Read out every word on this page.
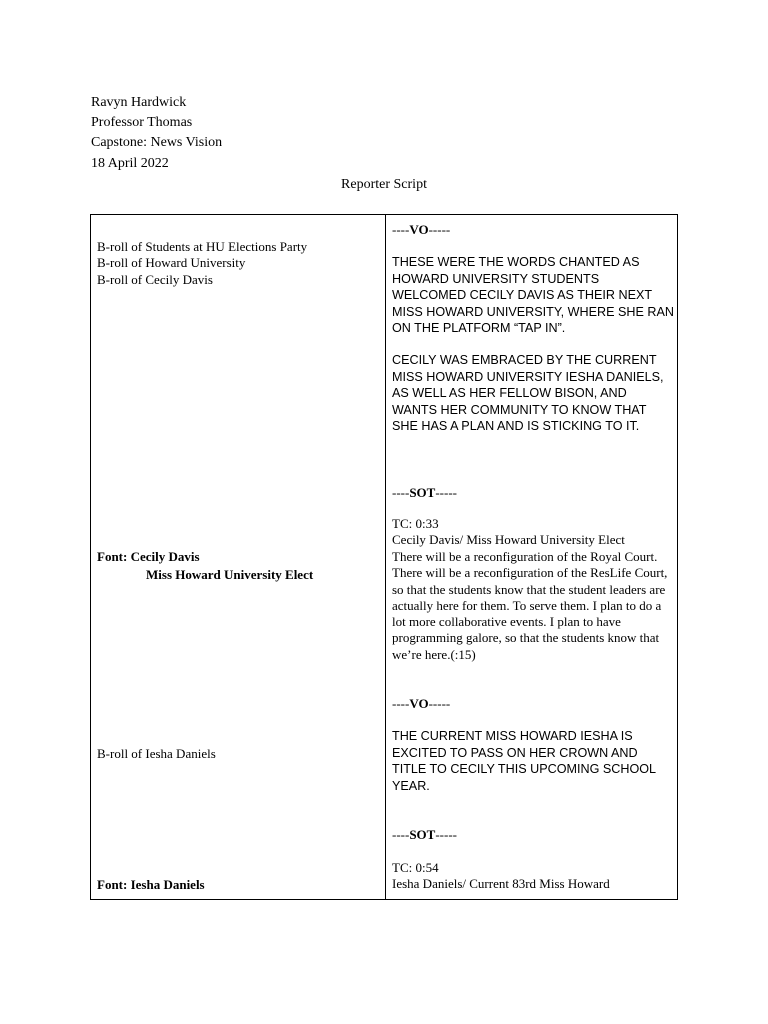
Ravyn Hardwick
Professor Thomas
Capstone: News Vision
18 April 2022
Reporter Script
B-roll of Students at HU Elections Party
B-roll of Howard University
B-roll of Cecily Davis
Font: Cecily Davis
Miss Howard University Elect
B-roll of Iesha Daniels
Font: Iesha Daniels
----VO-----
THESE WERE THE WORDS CHANTED AS HOWARD UNIVERSITY STUDENTS WELCOMED CECILY DAVIS AS THEIR NEXT MISS HOWARD UNIVERSITY, WHERE SHE RAN ON THE PLATFORM “TAP IN”.
CECILY WAS EMBRACED BY THE CURRENT MISS HOWARD UNIVERSITY IESHA DANIELS, AS WELL AS HER FELLOW BISON, AND WANTS HER COMMUNITY TO KNOW THAT SHE HAS A PLAN AND IS STICKING TO IT.
----SOT-----
TC: 0:33
Cecily Davis/ Miss Howard University Elect
There will be a reconfiguration of the Royal Court. There will be a reconfiguration of the ResLife Court, so that the students know that the student leaders are actually here for them. To serve them. I plan to do a lot more collaborative events. I plan to have programming galore, so that the students know that we’re here.(:15)
----VO-----
THE CURRENT MISS HOWARD IESHA IS EXCITED TO PASS ON HER CROWN AND TITLE TO CECILY THIS UPCOMING SCHOOL YEAR.
----SOT-----
TC: 0:54
Iesha Daniels/ Current 83rd Miss Howard
